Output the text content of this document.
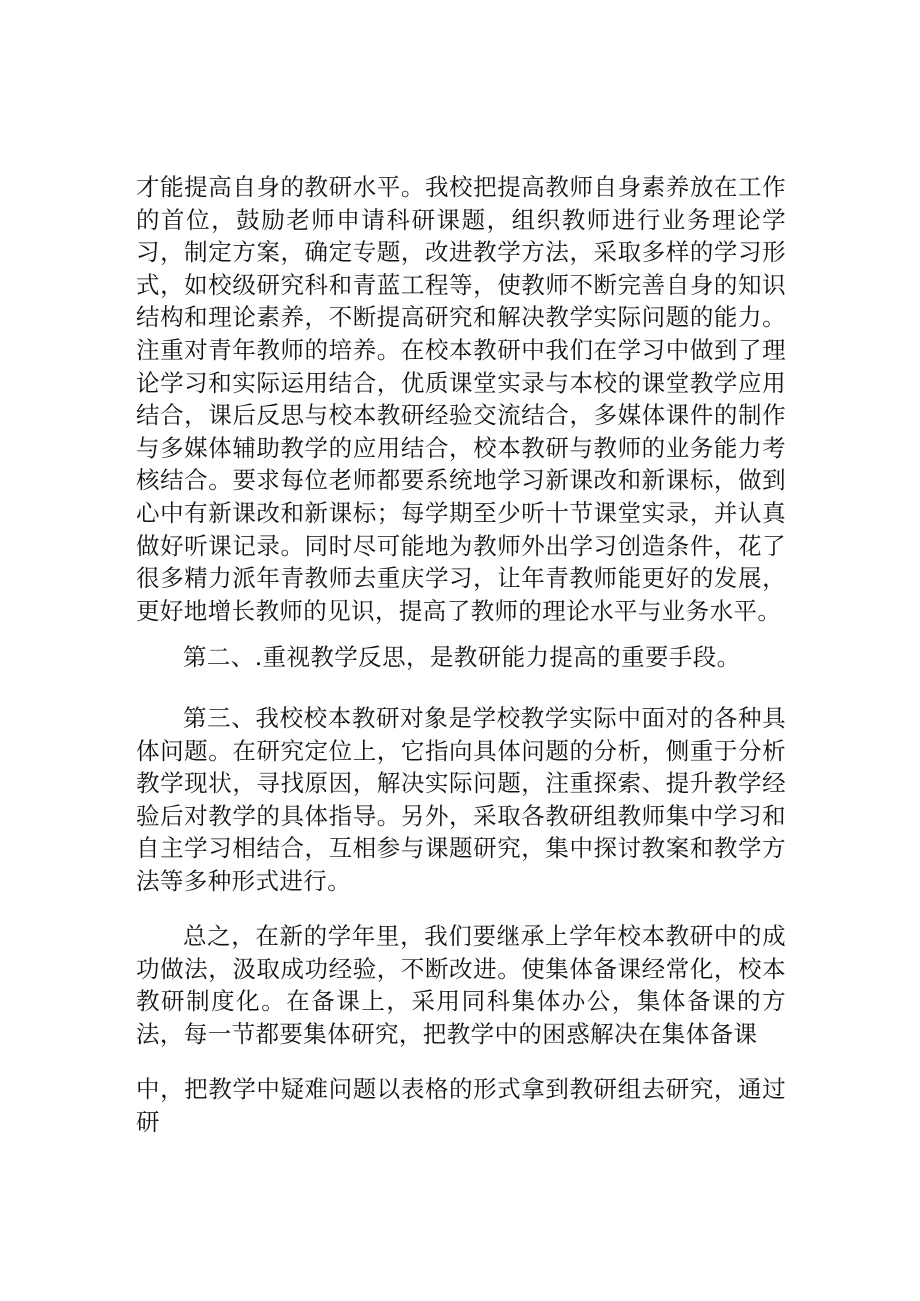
才能提高自身的教研水平。我校把提高教师自身素养放在工作的首位，鼓励老师申请科研课题，组织教师进行业务理论学习，制定方案，确定专题，改进教学方法，采取多样的学习形式，如校级研究科和青蓝工程等，使教师不断完善自身的知识结构和理论素养，不断提高研究和解决教学实际问题的能力。注重对青年教师的培养。在校本教研中我们在学习中做到了理论学习和实际运用结合，优质课堂实录与本校的课堂教学应用结合，课后反思与校本教研经验交流结合，多媒体课件的制作与多媒体辅助教学的应用结合，校本教研与教师的业务能力考核结合。要求每位老师都要系统地学习新课改和新课标，做到心中有新课改和新课标；每学期至少听十节课堂实录，并认真做好听课记录。同时尽可能地为教师外出学习创造条件，花了很多精力派年青教师去重庆学习，让年青教师能更好的发展，更好地增长教师的见识，提高了教师的理论水平与业务水平。

第二、.重视教学反思，是教研能力提高的重要手段。

第三、我校校本教研对象是学校教学实际中面对的各种具体问题。在研究定位上，它指向具体问题的分析，侧重于分析教学现状，寻找原因，解决实际问题，注重探索、提升教学经验后对教学的具体指导。另外，采取各教研组教师集中学习和自主学习相结合，互相参与课题研究，集中探讨教案和教学方法等多种形式进行。

总之，在新的学年里，我们要继承上学年校本教研中的成功做法，汲取成功经验，不断改进。使集体备课经常化，校本教研制度化。在备课上，采用同科集体办公，集体备课的方法，每一节都要集体研究，把教学中的困惑解决在集体备课

中，把教学中疑难问题以表格的形式拿到教研组去研究，通过研
